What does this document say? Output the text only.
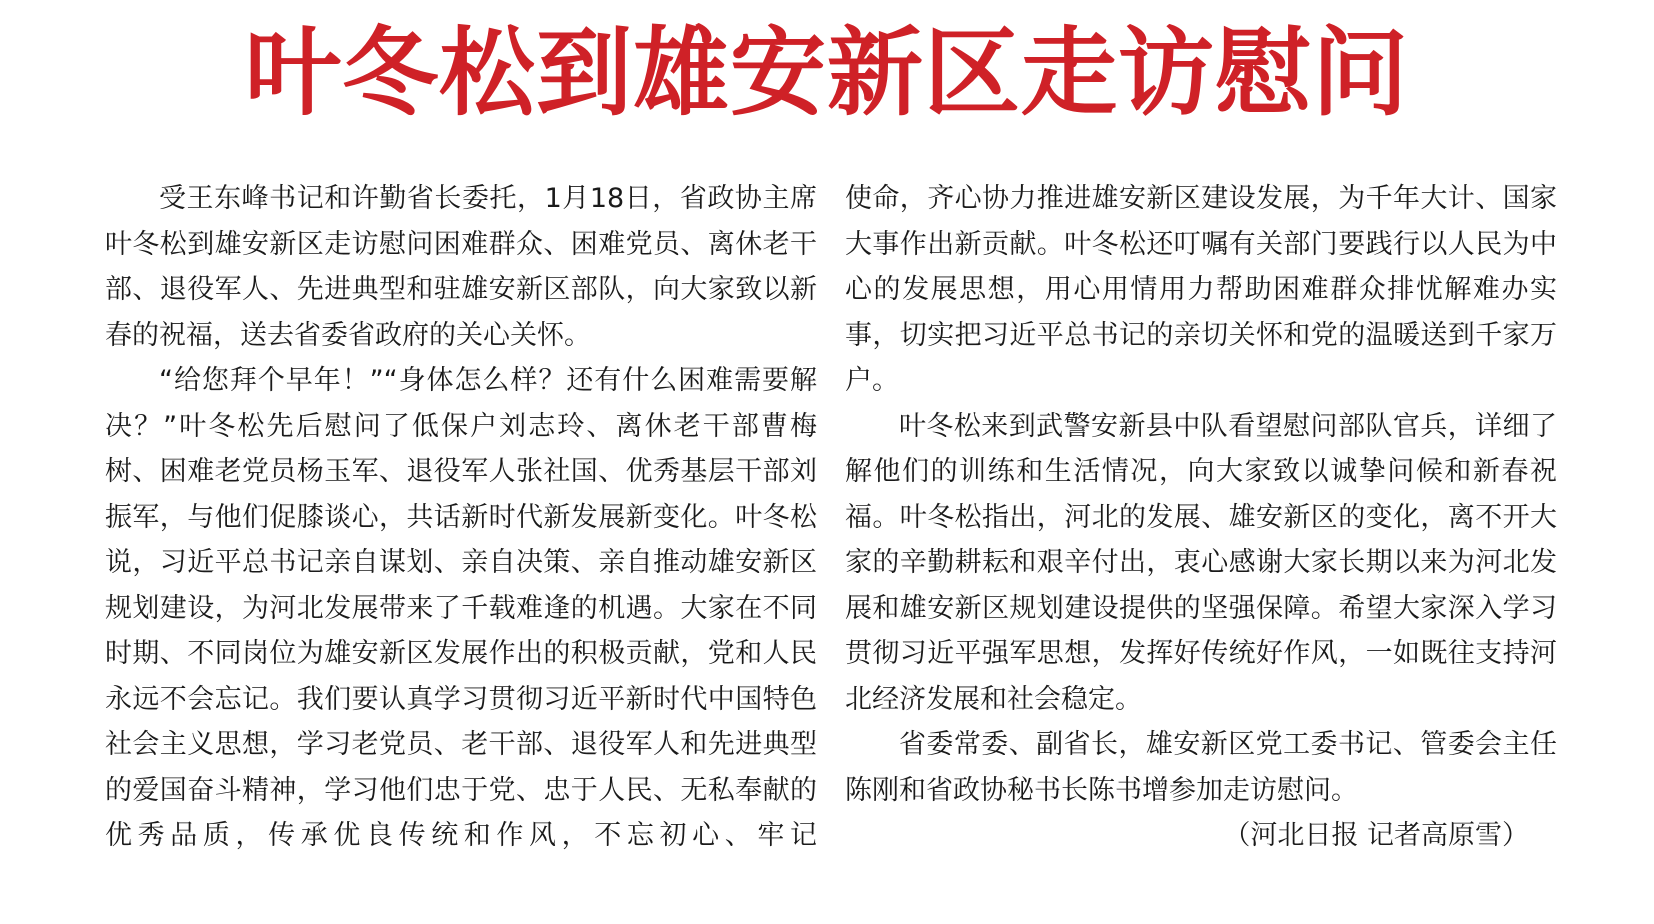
叶冬松到雄安新区走访慰问

受王东峰书记和许勤省长委托，1月18日，省政协主席叶冬松到雄安新区走访慰问困难群众、困难党员、离休老干部、退役军人、先进典型和驻雄安新区部队，向大家致以新春的祝福，送去省委省政府的关心关怀。

“给您拜个早年！”“身体怎么样？还有什么困难需要解决？”叶冬松先后慰问了低保户刘志玲、离休老干部曹梅树、困难老党员杨玉军、退役军人张社国、优秀基层干部刘振军，与他们促膝谈心，共话新时代新发展新变化。叶冬松说，习近平总书记亲自谋划、亲自决策、亲自推动雄安新区规划建设，为河北发展带来了千载难逢的机遇。大家在不同时期、不同岗位为雄安新区发展作出的积极贡献，党和人民永远不会忘记。我们要认真学习贯彻习近平新时代中国特色社会主义思想，学习老党员、老干部、退役军人和先进典型的爱国奋斗精神，学习他们忠于党、忠于人民、无私奉献的优秀品质，传承优良传统和作风，不忘初心、牢记

使命，齐心协力推进雄安新区建设发展，为千年大计、国家大事作出新贡献。叶冬松还叮嘱有关部门要践行以人民为中心的发展思想，用心用情用力帮助困难群众排忧解难办实事，切实把习近平总书记的亲切关怀和党的温暖送到千家万户。

叶冬松来到武警安新县中队看望慰问部队官兵，详细了解他们的训练和生活情况，向大家致以诚挚问候和新春祝福。叶冬松指出，河北的发展、雄安新区的变化，离不开大家的辛勤耕耘和艰辛付出，衷心感谢大家长期以来为河北发展和雄安新区规划建设提供的坚强保障。希望大家深入学习贯彻习近平强军思想，发挥好传统好作风，一如既往支持河北经济发展和社会稳定。

省委常委、副省长，雄安新区党工委书记、管委会主任陈刚和省政协秘书长陈书增参加走访慰问。

（河北日报 记者高原雪）
